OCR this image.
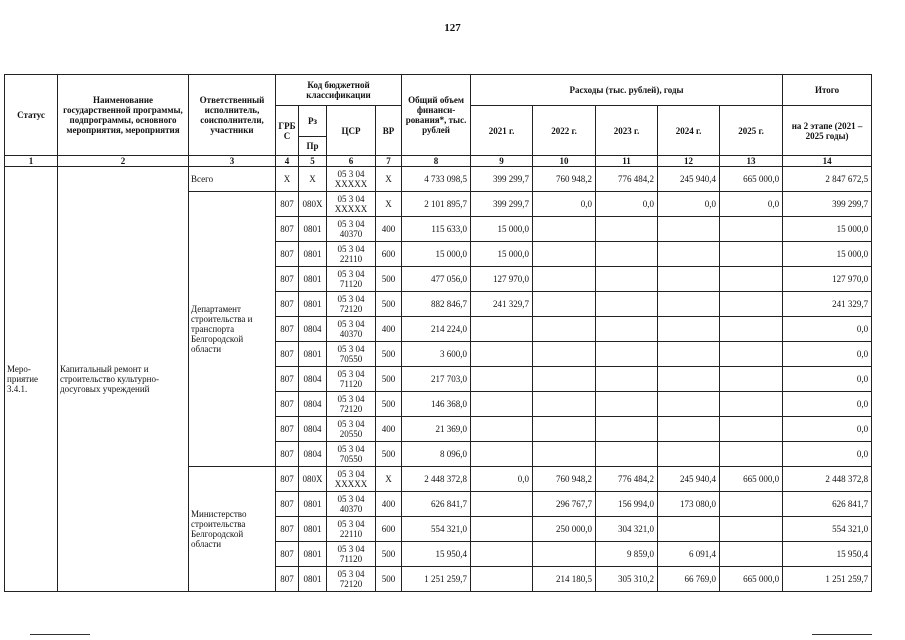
127
Статус	Наименование государственной программы, подпрограммы, основного мероприятия, мероприятия	Ответственный исполнитель, соисполнители, участники	Код бюджетной классификации				Общий объем финанси-рования*, тыс. рублей	Расходы (тыс. рублей), годы					Итого
			ГРБ С	Рз	ЦСР	ВР		2021 г.	2022 г.	2023 г.	2024 г.	2025 г.	на 2 этапе (2021 – 2025 годы)
				Пр									
1	2	3	4	5	6	7	8	9	10	11	12	13	14
Меро-приятие 3.4.1.	Капитальный ремонт и строительство культурно-досуговых учреждений	Всего	Х	Х	05 3 04 ХХХХХ	Х	4 733 098,5	399 299,7	760 948,2	776 484,2	245 940,4	665 000,0	2 847 672,5
		Департамент строительства и транспорта Белгородской области	807	080Х	05 3 04 ХХХХХ	Х	2 101 895,7	399 299,7	0,0	0,0	0,0	0,0	399 299,7
			807	0801	05 3 04 40370	400	115 633,0	15 000,0					15 000,0
			807	0801	05 3 04 22110	600	15 000,0	15 000,0					15 000,0
			807	0801	05 3 04 71120	500	477 056,0	127 970,0					127 970,0
			807	0801	05 3 04 72120	500	882 846,7	241 329,7					241 329,7
			807	0804	05 3 04 40370	400	214 224,0						0,0
			807	0801	05 3 04 70550	500	3 600,0						0,0
			807	0804	05 3 04 71120	500	217 703,0						0,0
			807	0804	05 3 04 72120	500	146 368,0						0,0
			807	0804	05 3 04 20550	400	21 369,0						0,0
			807	0804	05 3 04 70550	500	8 096,0						0,0
		Министерство строительства Белгородской области	807	080Х	05 3 04 ХХХХХ	Х	2 448 372,8	0,0	760 948,2	776 484,2	245 940,4	665 000,0	2 448 372,8
			807	0801	05 3 04 40370	400	626 841,7		296 767,7	156 994,0	173 080,0		626 841,7
			807	0801	05 3 04 22110	600	554 321,0		250 000,0	304 321,0			554 321,0
			807	0801	05 3 04 71120	500	15 950,4			9 859,0	6 091,4		15 950,4
			807	0801	05 3 04 72120	500	1 251 259,7		214 180,5	305 310,2	66 769,0	665 000,0	1 251 259,7
